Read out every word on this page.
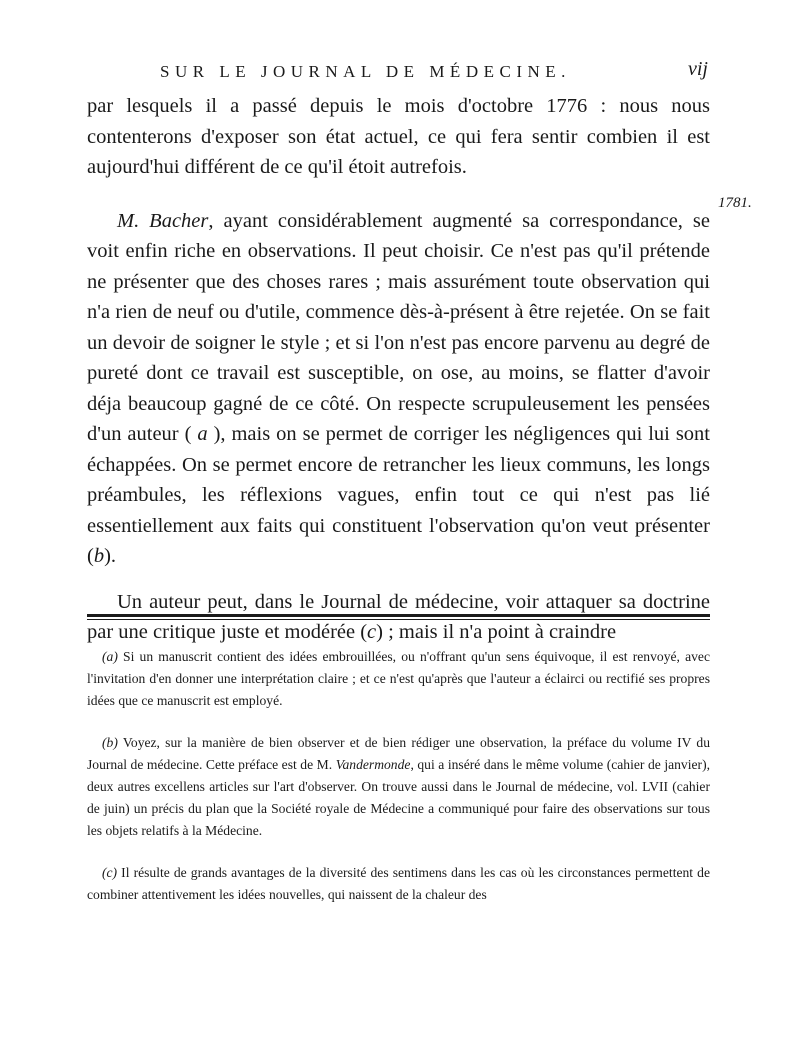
SUR LE JOURNAL DE MÉDECINE.	vij
1781.

par lesquels il a passé depuis le mois d'octobre 1776 : nous nous contenterons d'exposer son état actuel, ce qui fera sentir combien il est aujourd'hui différent de ce qu'il étoit autrefois.

M. Bacher, ayant considérablement augmenté sa correspondance, se voit enfin riche en observations. Il peut choisir. Ce n'est pas qu'il prétende ne présenter que des choses rares ; mais assurément toute observation qui n'a rien de neuf ou d'utile, commence dès-à-présent à être rejetée. On se fait un devoir de soigner le style ; et si l'on n'est pas encore parvenu au degré de pureté dont ce travail est susceptible, on ose, au moins, se flatter d'avoir déja beaucoup gagné de ce côté. On respecte scrupuleusement les pensées d'un auteur ( a ), mais on se permet de corriger les négligences qui lui sont échappées. On se permet encore de retrancher les lieux communs, les longs préambules, les réflexions vagues, enfin tout ce qui n'est pas lié essentiellement aux faits qui constituent l'observation qu'on veut présenter (b).

Un auteur peut, dans le Journal de médecine, voir attaquer sa doctrine par une critique juste et modérée (c) ; mais il n'a point à craindre

(a) Si un manuscrit contient des idées embrouillées, ou n'offrant qu'un sens équivoque, il est renvoyé, avec l'invitation d'en donner une interprétation claire ; et ce n'est qu'après que l'auteur a éclairci ou rectifié ses propres idées que ce manuscrit est employé.

(b) Voyez, sur la manière de bien observer et de bien rédiger une observation, la préface du volume IV du Journal de médecine. Cette préface est de M. Vandermonde, qui a inséré dans le même volume (cahier de janvier), deux autres excellens articles sur l'art d'observer. On trouve aussi dans le Journal de médecine, vol. LVII (cahier de juin) un précis du plan que la Société royale de Médecine a communiqué pour faire des observations sur tous les objets relatifs à la Médecine.

(c) Il résulte de grands avantages de la diversité des sentimens dans les cas où les circonstances permettent de combiner attentivement les idées nouvelles, qui naissent de la chaleur des
